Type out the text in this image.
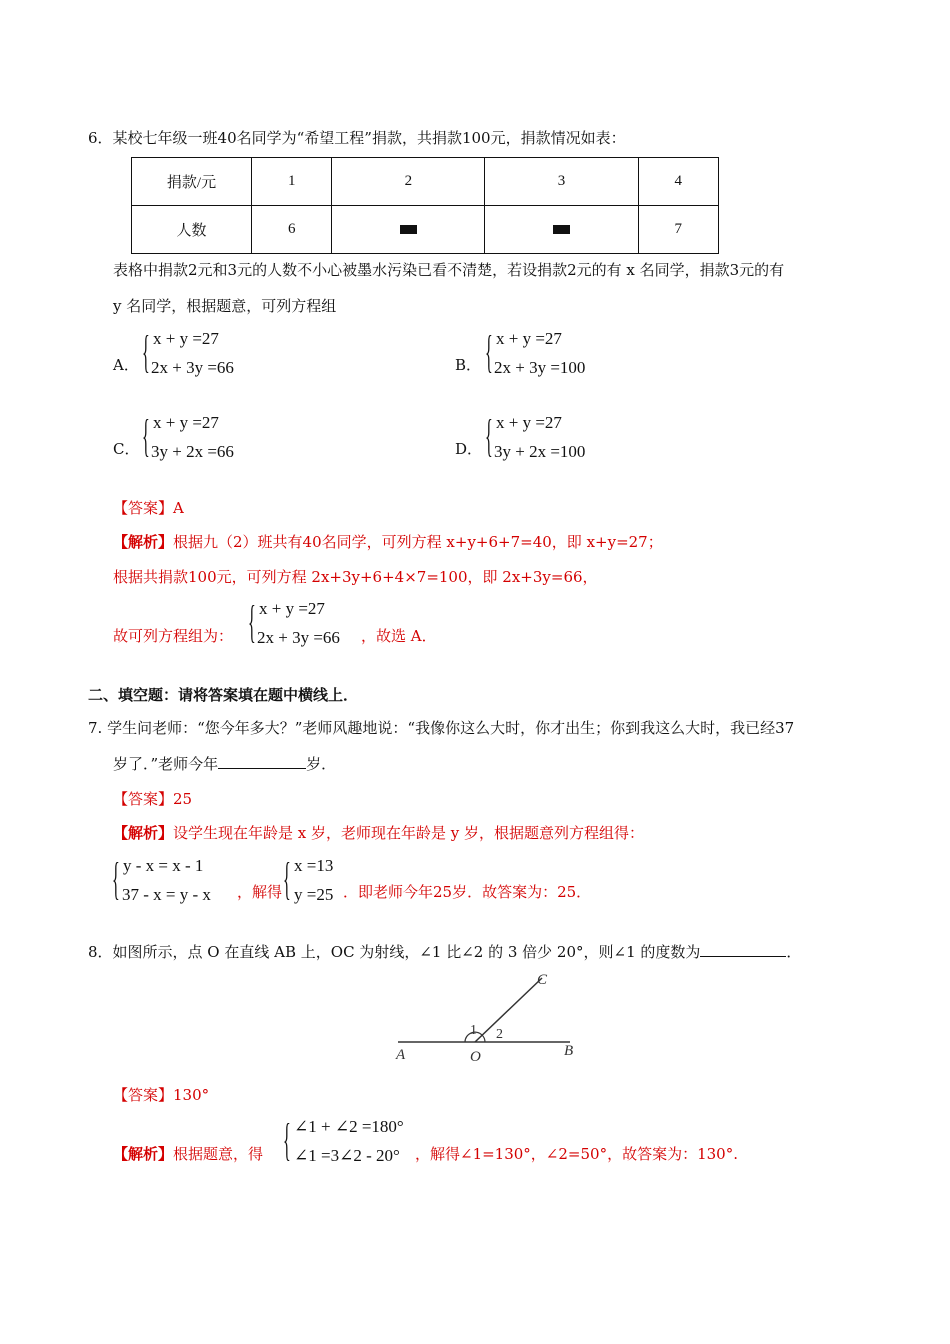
6．某校七年级一班40名同学为“希望工程”捐款，共捐款100元，捐款情况如表：
捐款/元	1	2	3	4
人数	6			7
表格中捐款2元和3元的人数不小心被墨水污染已看不清楚，若设捐款2元的有 x 名同学，捐款3元的有
y 名同学，根据题意，可列方程组
A． { x + y =27
2x + 3y =66	B． { x + y =27
2x + 3y =100
C． { x + y =27
3y + 2x =66	D． { x + y =27
3y + 2x =100
【答案】A
【解析】根据九（2）班共有40名同学，可列方程 x+y+6+7=40，即 x+y=27；
根据共捐款100元，可列方程 2x+3y+6+4×7=100，即 2x+3y=66，
故可列方程组为： { x + y =27
2x + 3y =66 ，故选 A．
二、填空题：请将答案填在题中横线上．
7. 学生问老师：“您今年多大？”老师风趣地说：“我像你这么大时，你才出生；你到我这么大时，我已经37
岁了．”老师今年	岁．
【答案】25
【解析】设学生现在年龄是 x 岁，老师现在年龄是 y 岁，根据题意列方程组得：
{ y - x = x - 1
37 - x = y - x ，解得 { x =13
y =25 ．即老师今年25岁．故答案为：25．
8．如图所示，点 O 在直线 AB 上，OC 为射线，∠1 比∠2 的 3 倍少 20°，则∠1 的度数为	．
A	B
C
O
1 2
【答案】130°
【解析】根据题意，得 { ∠1 + ∠2 =180°
∠1 =3∠2 - 20° ，解得∠1=130°，∠2=50°，故答案为：130°.
